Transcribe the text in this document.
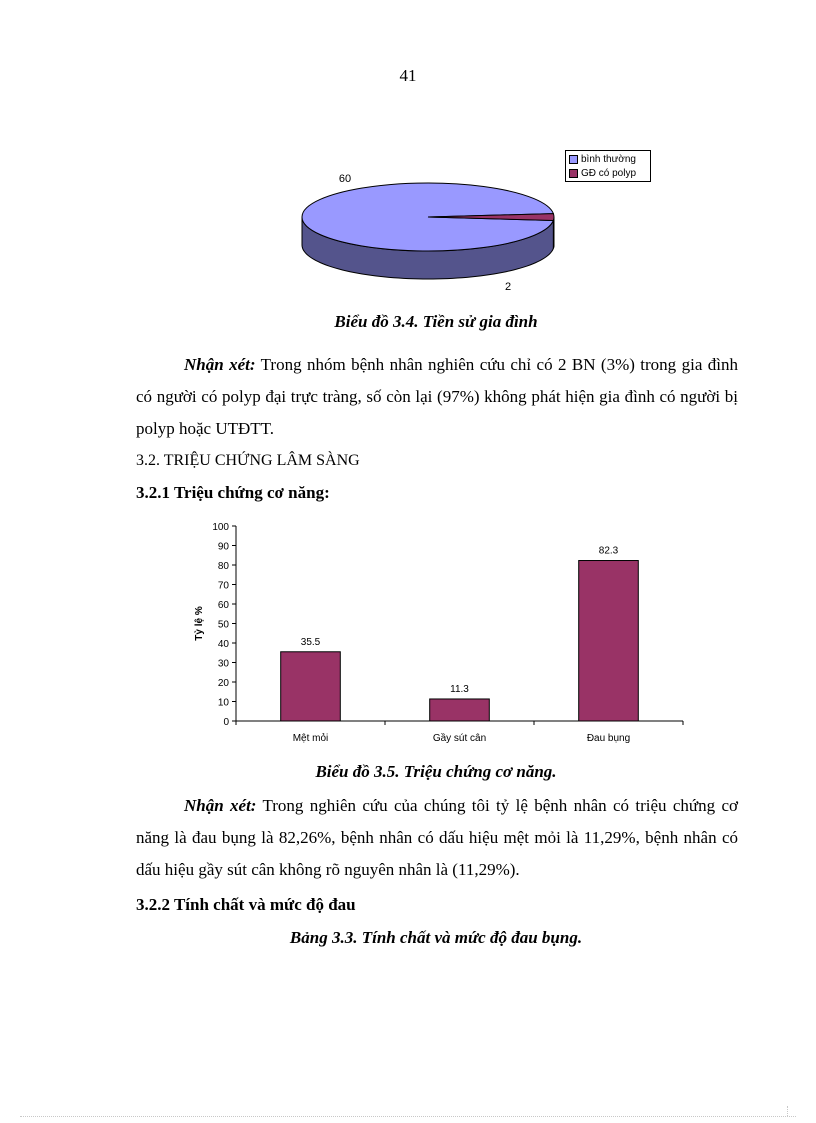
41
60
2
bình thường
GĐ có polyp
Biểu đồ 3.4. Tiền sử gia đình
Nhận xét: Trong nhóm bệnh nhân nghiên cứu chỉ có 2 BN (3%) trong gia đình có người có polyp đại trực tràng, số còn lại (97%) không phát hiện gia đình có người bị polyp hoặc UTĐTT.
3.2. TRIỆU CHỨNG LÂM SÀNG
3.2.1 Triệu chứng cơ năng:
0
10
20
30
40
50
60
70
80
90
100
35.5
Mệt mỏi
11.3
Gầy sút cân
82.3
Đau bụng
Tỷ lệ %
Biểu đồ 3.5. Triệu chứng cơ năng.
Nhận xét: Trong nghiên cứu của chúng tôi tỷ lệ bệnh nhân có triệu chứng cơ năng là đau bụng là 82,26%, bệnh nhân có dấu hiệu mệt mỏi là 11,29%, bệnh nhân có dấu hiệu gầy sút cân không rõ nguyên nhân là (11,29%).
3.2.2 Tính chất và mức độ đau
Bảng 3.3. Tính chất và mức độ đau bụng.
